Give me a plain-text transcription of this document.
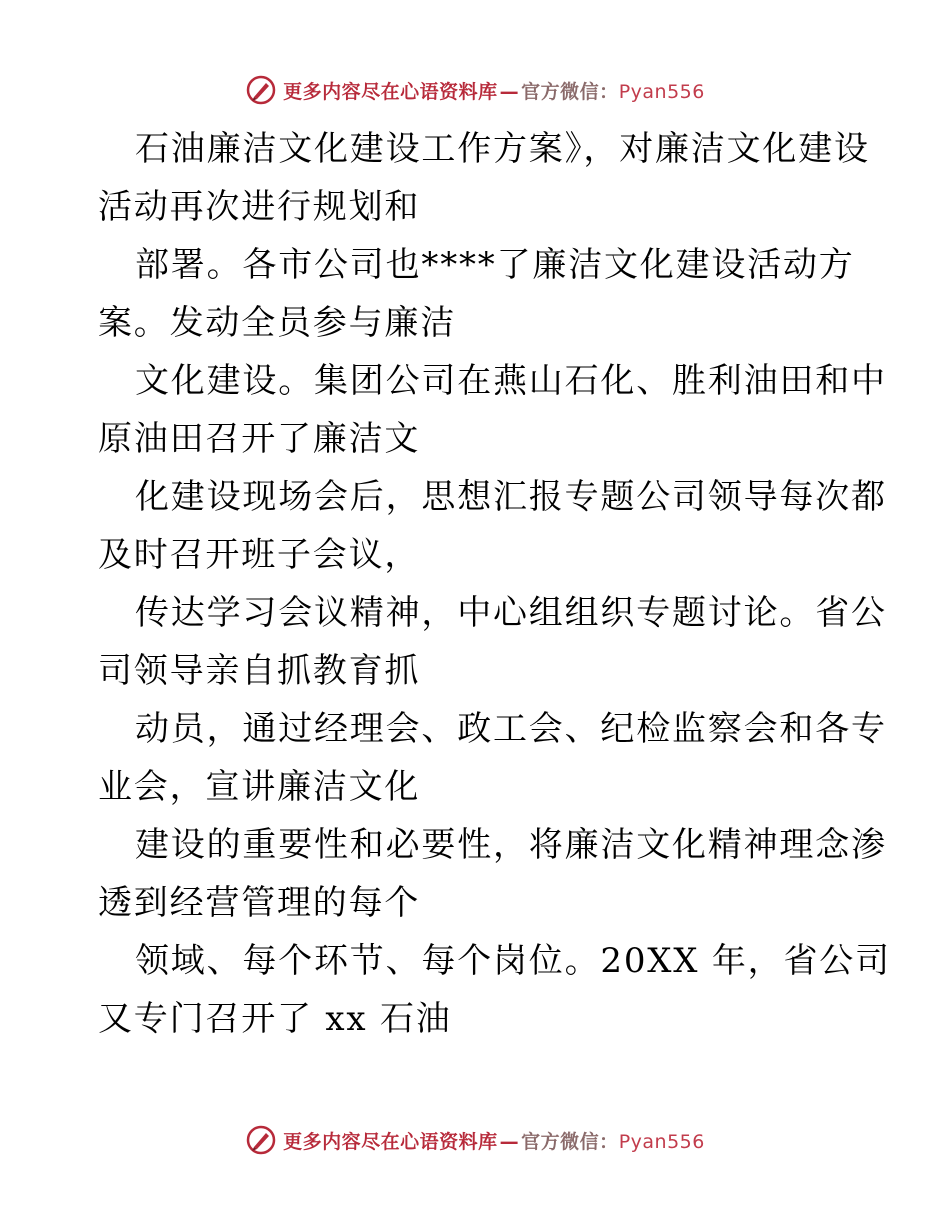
更多内容尽在心语资料库 — 官方微信：Pyan556
石油廉洁文化建设工作方案》，对廉洁文化建设
活动再次进行规划和
部署。各市公司也****了廉洁文化建设活动方
案。发动全员参与廉洁
文化建设。集团公司在燕山石化、胜利油田和中
原油田召开了廉洁文
化建设现场会后，思想汇报专题公司领导每次都
及时召开班子会议，
传达学习会议精神，中心组组织专题讨论。省公
司领导亲自抓教育抓
动员，通过经理会、政工会、纪检监察会和各专
业会，宣讲廉洁文化
建设的重要性和必要性，将廉洁文化精神理念渗
透到经营管理的每个
领域、每个环节、每个岗位。20XX 年，省公司
又专门召开了 xx 石油
更多内容尽在心语资料库 — 官方微信：Pyan556
